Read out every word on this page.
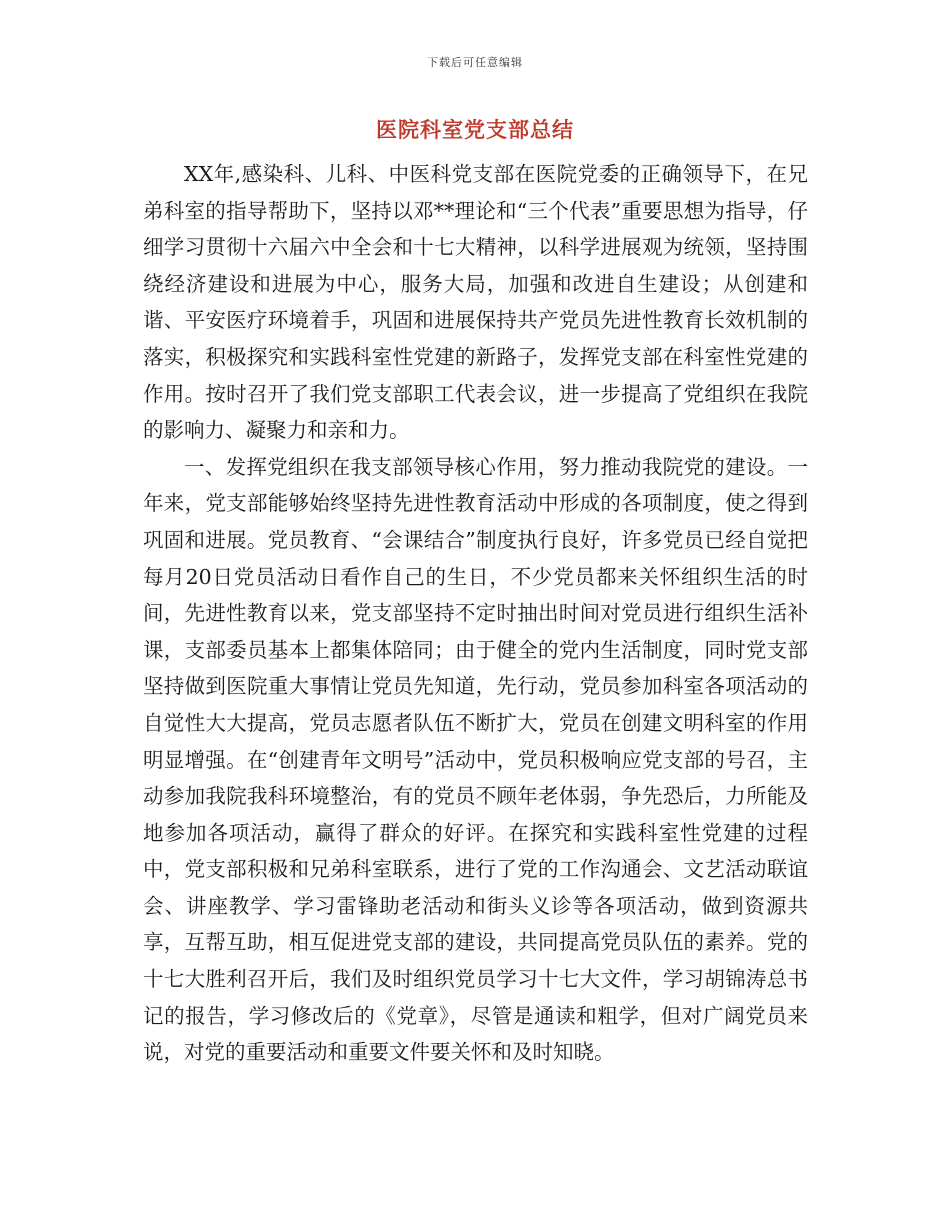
下载后可任意编辑
医院科室党支部总结

XX年,感染科、儿科、中医科党支部在医院党委的正确领导下，在兄弟科室的指导帮助下，坚持以邓**理论和“三个代表”重要思想为指导，仔细学习贯彻十六届六中全会和十七大精神，以科学进展观为统领，坚持围绕经济建设和进展为中心，服务大局，加强和改进自生建设；从创建和谐、平安医疗环境着手，巩固和进展保持共产党员先进性教育长效机制的落实，积极探究和实践科室性党建的新路子，发挥党支部在科室性党建的作用。按时召开了我们党支部职工代表会议，进一步提高了党组织在我院的影响力、凝聚力和亲和力。

一、发挥党组织在我支部领导核心作用，努力推动我院党的建设。一年来，党支部能够始终坚持先进性教育活动中形成的各项制度，使之得到巩固和进展。党员教育、“会课结合”制度执行良好，许多党员已经自觉把每月20日党员活动日看作自己的生日，不少党员都来关怀组织生活的时间，先进性教育以来，党支部坚持不定时抽出时间对党员进行组织生活补课，支部委员基本上都集体陪同；由于健全的党内生活制度，同时党支部坚持做到医院重大事情让党员先知道，先行动，党员参加科室各项活动的自觉性大大提高，党员志愿者队伍不断扩大，党员在创建文明科室的作用明显增强。在“创建青年文明号”活动中，党员积极响应党支部的号召，主动参加我院我科环境整治，有的党员不顾年老体弱，争先恐后，力所能及地参加各项活动，赢得了群众的好评。在探究和实践科室性党建的过程中，党支部积极和兄弟科室联系，进行了党的工作沟通会、文艺活动联谊会、讲座教学、学习雷锋助老活动和街头义诊等各项活动，做到资源共享，互帮互助，相互促进党支部的建设，共同提高党员队伍的素养。党的十七大胜利召开后，我们及时组织党员学习十七大文件，学习胡锦涛总书记的报告，学习修改后的《党章》，尽管是通读和粗学，但对广阔党员来说，对党的重要活动和重要文件要关怀和及时知晓。
